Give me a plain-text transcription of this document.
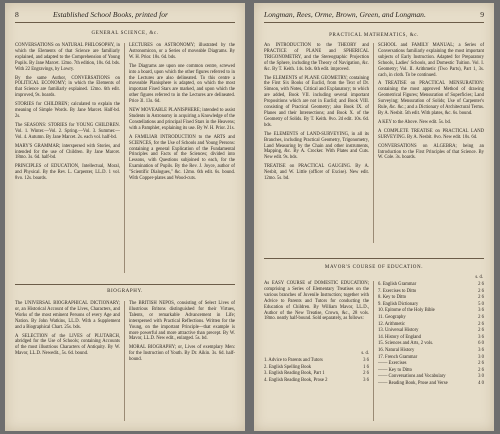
8	Established School Books, printed for
GENERAL SCIENCE, &c.

CONVERSATIONS on NATURAL PHILOSOPHY, in which the Elements of that Science are familiarly explained, and adapted to the Comprehension of Young Pupils. By Jane Marcet. 12mo. 7th edition, 10s. 6d. bds. With 22 Engravings, by Lowry.

By the same Author, CONVERSATIONS on POLITICAL ECONOMY; in which the Elements of that Science are familiarly explained. 12mo. 6th edit. improved, 9s. boards.

STORIES for CHILDREN; calculated to explain the meaning of Simple Words. By Jane Marcet. Half-bd. 2s.

The SEASONS: STORIES for YOUNG CHILDREN. Vol. 1. Winter.—Vol. 2. Spring.—Vol. 3. Summer.—Vol. 4. Autumn. By Jane Marcet. 2s. each vol. half-bd.

MARY'S GRAMMAR; interspersed with Stories, and intended for the use of Children. By Jane Marcet. 18mo. 3s. 6d. half-bd.

PRINCIPLES of EDUCATION, Intellectual, Moral, and Physical. By the Rev. L. Carpenter, LL.D. 1 vol. 8vo. 12s. boards.

LECTURES on ASTRONOMY; illustrated by the Astronomicon, or a Series of moveable Diagrams. By W. H. Prior. 18s. 6d. bds.

The Diagrams are upon one common centre, screwed into a board, upon which the other figures referred to in the Lectures are also delineated. To this centre a moveable Planisphere is adapted, on which the most important Fixed Stars are marked, and upon which the other figures referred to in the Lectures are delineated. Price 3l. 13s. 6d.

NEW MOVEABLE PLANISPHERE; intended to assist Students in Astronomy in acquiring a Knowledge of the Constellations and principal Fixed Stars in the Heavens; with a Pamphlet, explaining its use. By W. H. Prior. 21s.

A FAMILIAR INTRODUCTION to the ARTS and SCIENCES, for the Use of Schools and Young Persons: containing a general Explication of the Fundamental Principles and Facts of the Sciences; divided into Lessons, with Questions subjoined to each, for the Examination of Pupils. By the Rev. J. Joyce, author of "Scientific Dialogues," &c. 12mo. 6th edit. 6s. bound. With Copper-plates and Wood-cuts.

BIOGRAPHY.

The UNIVERSAL BIOGRAPHICAL DICTIONARY; or, an Historical Account of the Lives, Characters, and Works of the most eminent Persons of every Age and Nation. By John Watkins, LL.D. With a Supplement and a Biographical Chart. 25s. bds.

A SELECTION of the LIVES of PLUTARCH, abridged for the Use of Schools; containing Accounts of the most illustrious Characters of Antiquity. By W. Mavor, LL.D. Newedit., 5s. 6d. bound.

The BRITISH NEPOS, consisting of Select Lives of illustrious Britons distinguished for their Virtues, Talents, or remarkable Advancement in Life; interspersed with Practical Reflections. Written for the Young, on the important Principle—that example is more powerful and more attractive than precept. By W. Mavor, LL.D. New edit., enlarged. 5s. bd.

MORAL BIOGRAPHY; or, Lives of exemplary Men: for the Instruction of Youth. By Dr. Aikin. 3s. 6d. half-bound.

Longman, Rees, Orme, Brown, Green, and Longman.	9
PRACTICAL MATHEMATICS, &c.

An INTRODUCTION to the THEORY and PRACTICE of PLANE and SPHERICAL TRIGONOMETRY, and the Stereographic Projection of the Sphere, including the Theory of Navigation, &c. &c. By T. Keith. 14s. bds. 6th edit. improved.

The ELEMENTS of PLANE GEOMETRY; containing the First Six Books of Euclid, from the Text of Dr. Simson, with Notes, Critical and Explanatory; to which are added, Book VII. including several important Propositions which are not in Euclid; and Book VIII. consisting of Practical Geometry; also Book IX. of Planes and their Intersections; and Book X. of the Geometry of Solids. By T. Keith. 8vo. 2d edit. 10s. 6d. bds.

The ELEMENTS of LAND-SURVEYING, in all its Branches, including Practical Geometry, Trigonometry, Land Measuring by the Chain and other instruments, Mapping, &c. By A. Crocker. With Plates and Cuts. New edit. 9s. bds.

TREATISE on PRACTICAL GAUGING. By A. Nesbit, and W. Little (officer of Excise). New edit. 12mo. 5s. bd.

SCHOOL and FAMILY MANUAL; a Series of Conversations familiarly explaining the most important subjects of Early Instruction. Adapted for Preparatory Schools, Ladies' Schools, and Domestic Tuition. Vol. I. Geometry; Vol. II. Arithmetic (Two Parts), Part 1, 3s. cach, in cloth. To be continued.

A TREATISE on PRACTICAL MENSURATION: containing the most approved Method of drawing Geometrical Figures; Mensuration of Superficies; Land Surveying; Mensuration of Solids; Use of Carpenter's Rule, &c. &c.; and a Dictionary of Architectural Terms. By A. Nesbit. 5th edit. With plates, &c. 6s. bound.

A KEY to the Above. New edit. 5s. bd.

A COMPLETE TREATISE on PRACTICAL LAND SURVEYING. By A. Nesbit. 8vo. New edit. 10s. 6d.

CONVERSATIONS on ALGEBRA; being an Introduction to the First Principles of that Science. By W. Cole. 3s. boards.

MAVOR'S COURSE OF EDUCATION.

As EASY COURSE of DOMESTIC EDUCATION; comprising a Series of Elementary Treatises on the various branches of Juvenile Instruction; together with Advice to Parents and Tutors for conducting the Education of Children. By William Mavor, LL.D., Author of the New Treatise, Crown, &c., 28 vols. 18mo. neatly half-bound. Sold separately, as follows:

s. d.
1. Advice to Parents and Tutors	3 6
2. English Spelling Book	1 6
3. English Reading Book, Part 1	2 6
4. English Reading Book, Prose 2	3 6
s. d.
6. English Grammar	2 6
7. Exercises to Ditto	2 6
8. Key to Ditto	2 6
9. English Dictionary	5 0
10. Epitome of the Holy Bible	3 6
11. Geography	2 6
12. Arithmetic	2 6
13. Universal History	2 6
14. History of England	3 6
15. Sciences and Arts, 2 vols.	6 0
16. Natural History	3 6
17. French Grammar	3 0
—— Exercises	2 6
—— Key to Ditto	2 6
—— Conversations and Vocabulary	3 0
—— Reading Book, Prose and Verse	4 0
